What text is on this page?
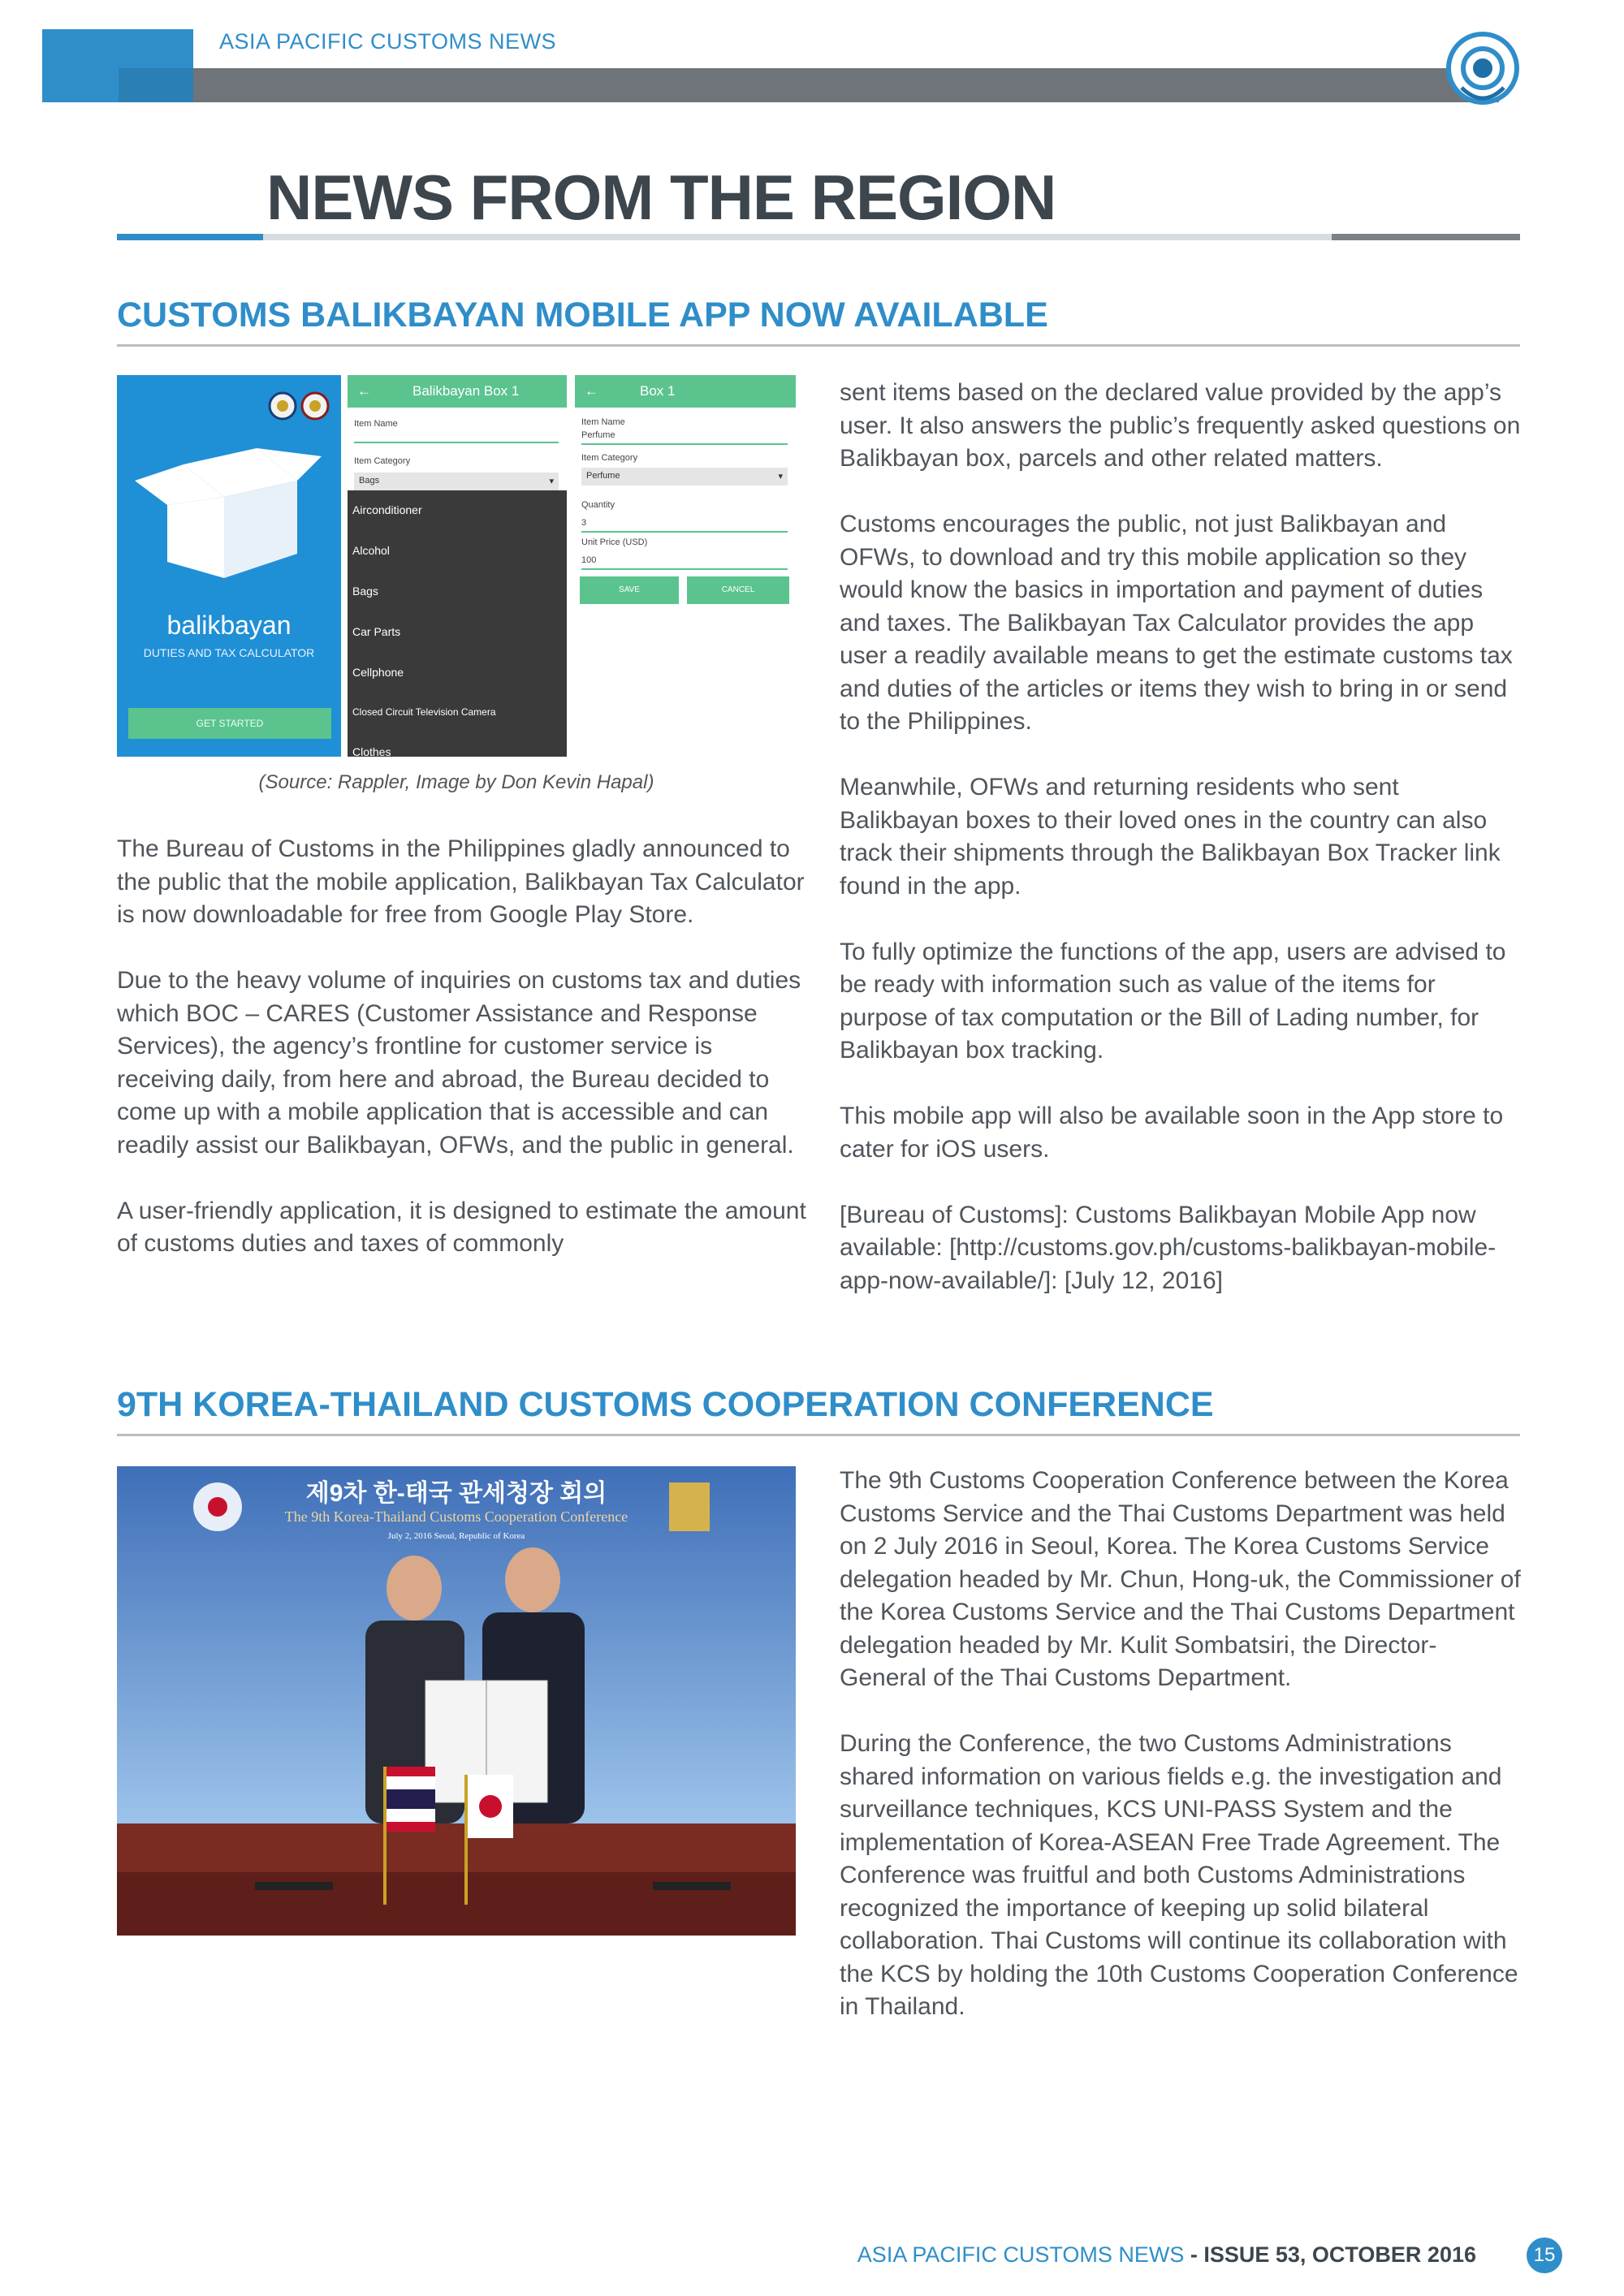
ASIA PACIFIC CUSTOMS NEWS
NEWS FROM THE REGION
CUSTOMS BALIKBAYAN MOBILE APP NOW AVAILABLE
balikbayan
DUTIES AND TAX CALCULATOR
GET STARTED
←	Balikbayan Box 1
Item Name
Item Category
Bags	▾
Airconditioner
Alcohol
Bags
Car Parts
Cellphone
Closed Circuit Television Camera
Clothes
←	Box 1
Item Name
Perfume
Item Category
Perfume	▾
Quantity
3
Unit Price (USD)
100
SAVE	CANCEL
(Source: Rappler, Image by Don Kevin Hapal)

The Bureau of Customs in the Philippines gladly announced to the public that the mobile application, Balikbayan Tax Calculator is now downloadable for free from Google Play Store.

Due to the heavy volume of inquiries on customs tax and duties which BOC – CARES (Customer Assistance and Response Services), the agency’s frontline for customer service is receiving daily, from here and abroad, the Bureau decided to come up with a mobile application that is accessible and can readily assist our Balikbayan, OFWs, and the public in general.

A user-friendly application, it is designed to estimate the amount of customs duties and taxes of commonly

sent items based on the declared value provided by the app’s user. It also answers the public’s frequently asked questions on Balikbayan box, parcels and other related matters.

Customs encourages the public, not just Balikbayan and OFWs, to download and try this mobile application so they would know the basics in importation and payment of duties and taxes. The Balikbayan Tax Calculator provides the app user a readily available means to get the estimate customs tax and duties of the articles or items they wish to bring in or send to the Philippines.

Meanwhile, OFWs and returning residents who sent Balikbayan boxes to their loved ones in the country can also track their shipments through the Balikbayan Box Tracker link found in the app.

To fully optimize the functions of the app, users are advised to be ready with information such as value of the items for purpose of tax computation or the Bill of Lading number, for Balikbayan box tracking.

This mobile app will also be available soon in the App store to cater for iOS users.

[Bureau of Customs]: Customs Balikbayan Mobile App now available: [http://customs.gov.ph/customs-balikbayan-mobile-app-now-available/]: [July 12, 2016]

9TH KOREA-THAILAND CUSTOMS COOPERATION CONFERENCE
제9차 한-태국 관세청장 회의
The 9th Korea-Thailand Customs Cooperation Conference
July 2, 2016 Seoul, Republic of Korea

The 9th Customs Cooperation Conference between the Korea Customs Service and the Thai Customs Department was held on 2 July 2016 in Seoul, Korea. The Korea Customs Service delegation headed by Mr. Chun, Hong-uk, the Commissioner of the Korea Customs Service and the Thai Customs Department delegation headed by Mr. Kulit Sombatsiri, the Director-General of the Thai Customs Department.

During the Conference, the two Customs Administrations shared information on various fields e.g. the investigation and surveillance techniques, KCS UNI-PASS System and the implementation of Korea-ASEAN Free Trade Agreement. The Conference was fruitful and both Customs Administrations recognized the importance of keeping up solid bilateral collaboration. Thai Customs will continue its collaboration with the KCS by holding the 10th Customs Cooperation Conference in Thailand.

ASIA PACIFIC CUSTOMS NEWS - ISSUE 53, OCTOBER 2016	15
